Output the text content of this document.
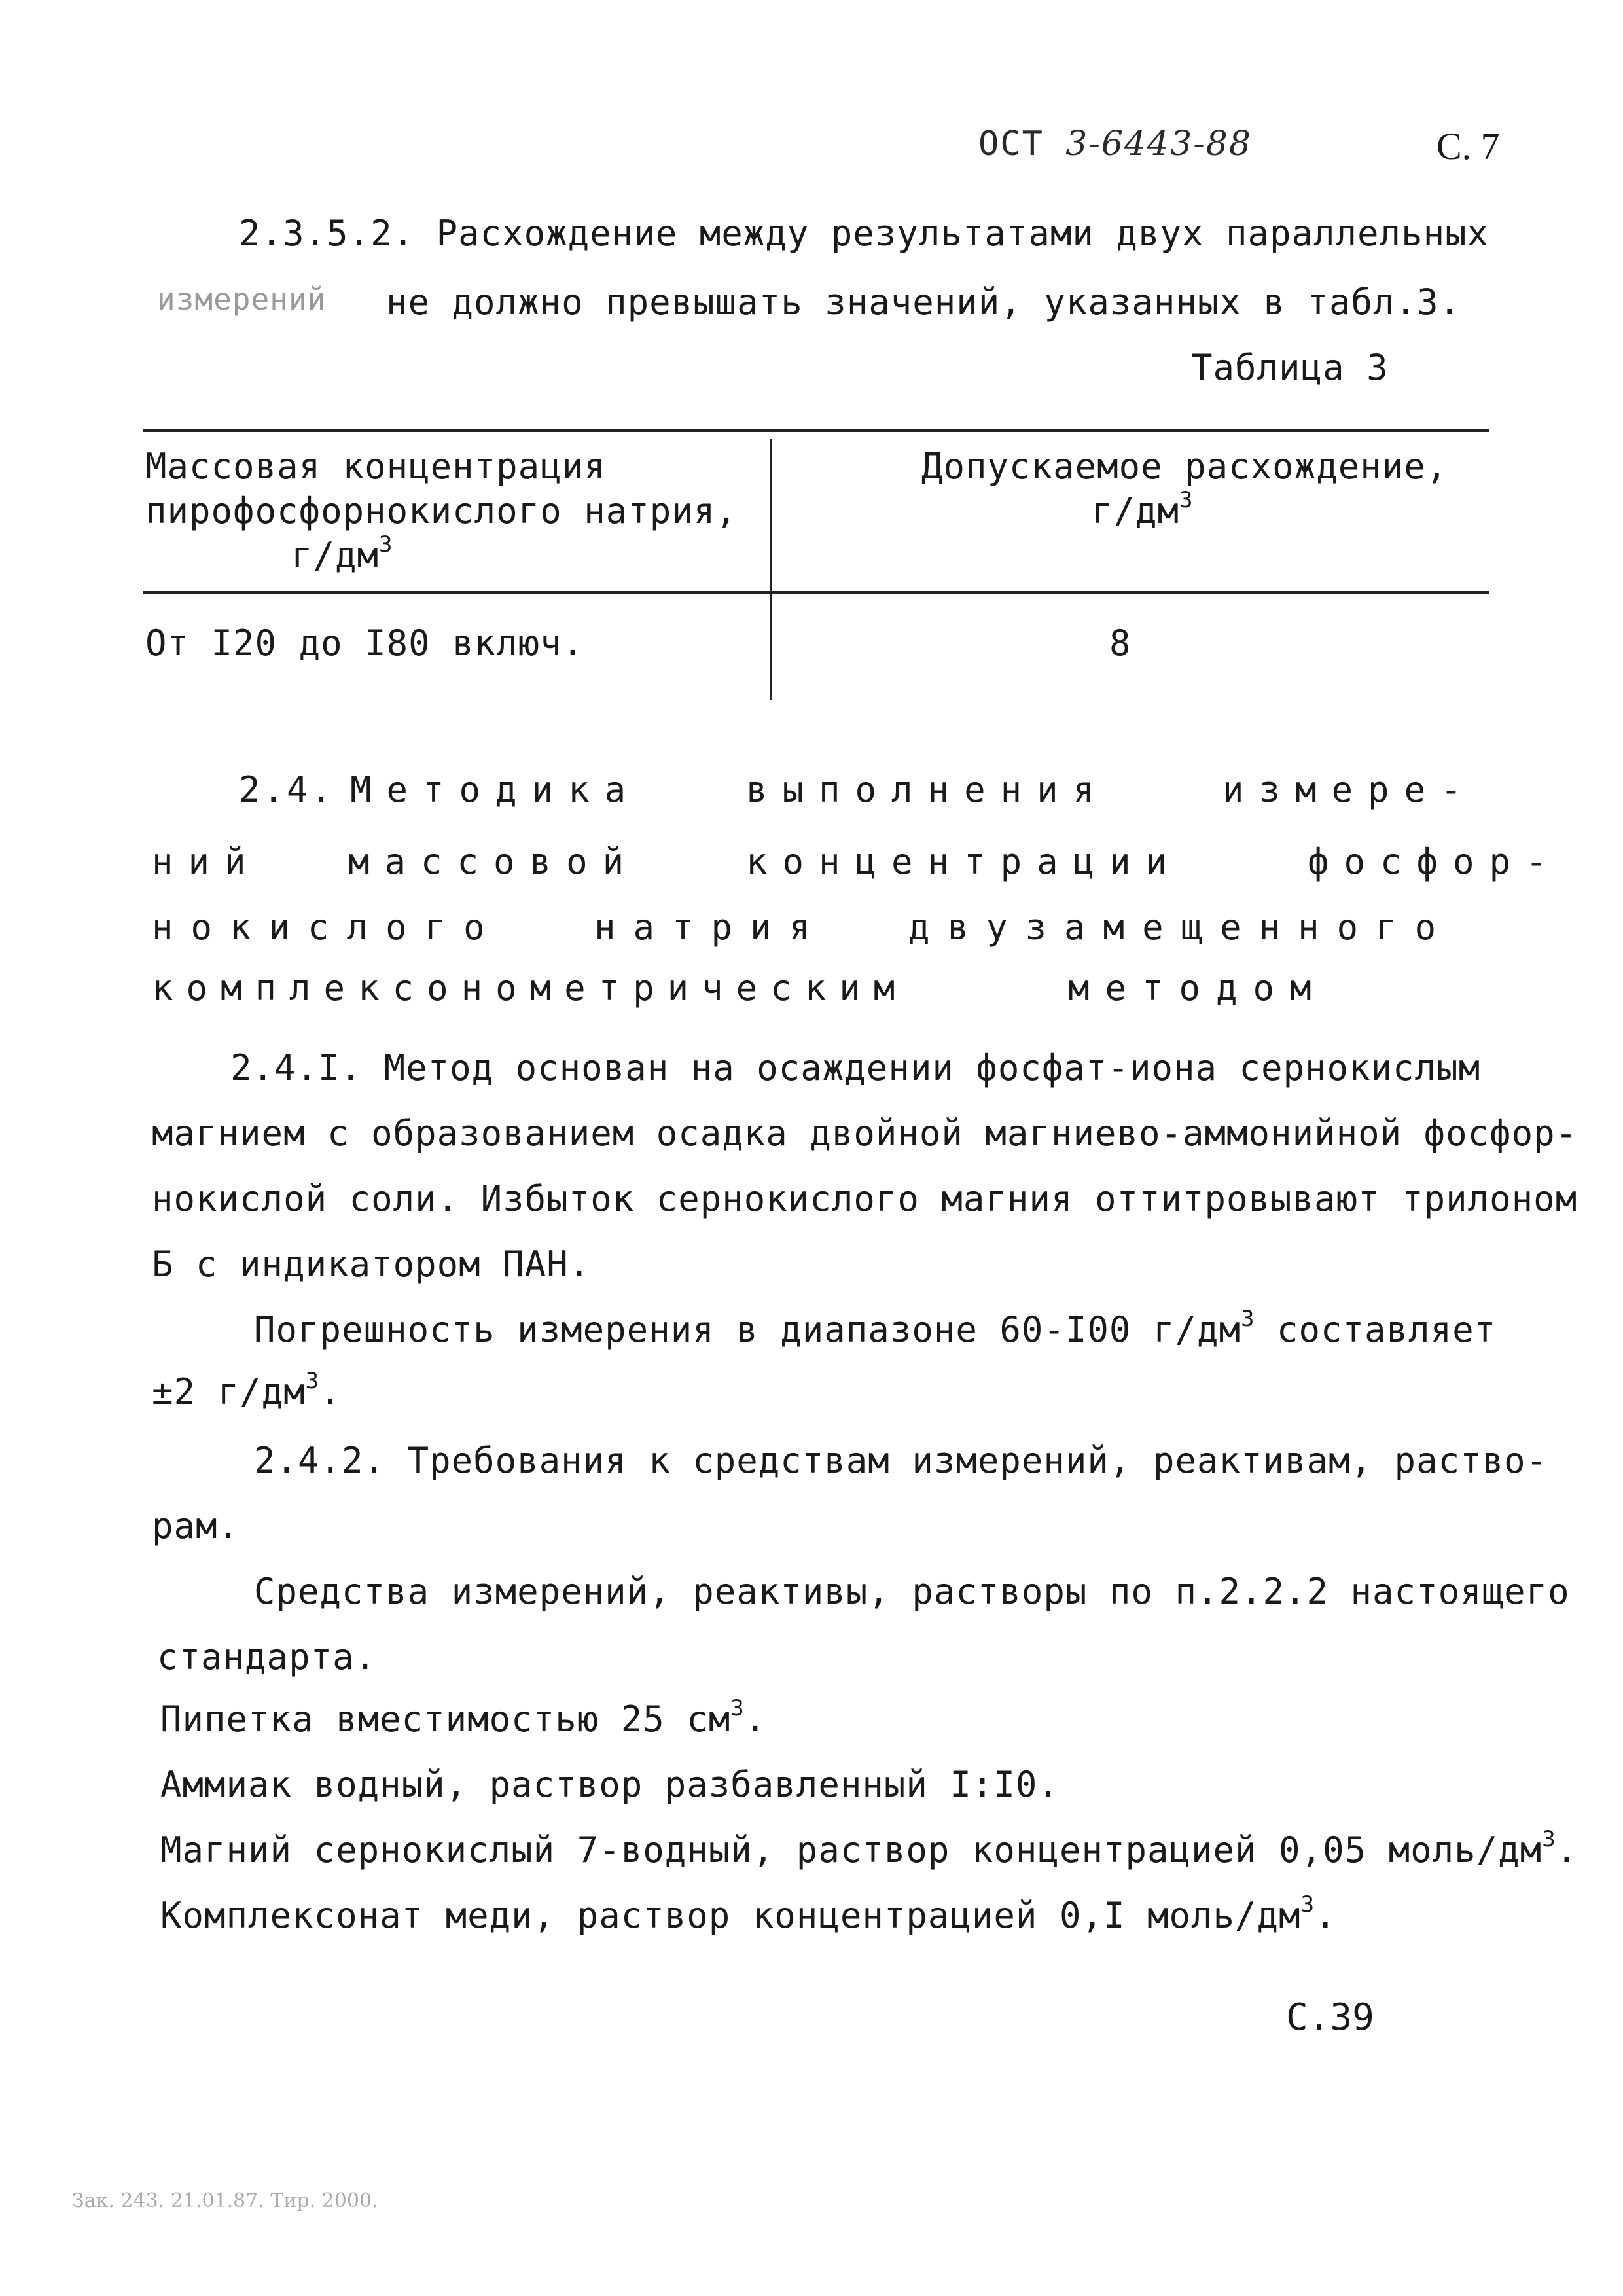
ОСТ 3-6443-88	С. 7
2.3.5.2. Расхождение между результатами двух параллельных
измерений не должно превышать значений, указанных в табл.3.
Таблица 3
Массовая концентрация
пирофосфорнокислого натрия,
$г/дм^3$
Допускаемое расхождение,
$г/дм^3$
От I20 до I80 включ.	8
2.4. Методика	выполнения	измере-
ний массовой	концентрации	фосфор-
нокислого	натрия двузамещенного
комплексонометрическим	методом
2.4.I. Метод основан на осаждении фосфат-иона сернокислым
магнием с образованием осадка двойной магниево-аммонийной фосфор-
нокислой соли. Избыток сернокислого магния оттитровывают трилоном
Б с индикатором ПАН.
Погрешность измерения в диапазоне 60-I00 $г/дм^3$ составляет
±2 $г/дм^3$.
2.4.2. Требования к средствам измерений, реактивам, раство-
рам.
Средства измерений, реактивы, растворы по п.2.2.2 настоящего
стандарта.
Пипетка вместимостью 25 $см^3$.
Аммиак водный, раствор разбавленный I:I0.
Магний сернокислый 7-водный, раствор концентрацией 0,05 моль/$дм^3$.
Комплексонат меди, раствор концентрацией 0,I моль/$дм^3$.
С.39
Зак. 243. 21.01.87. Тир. 2000.
